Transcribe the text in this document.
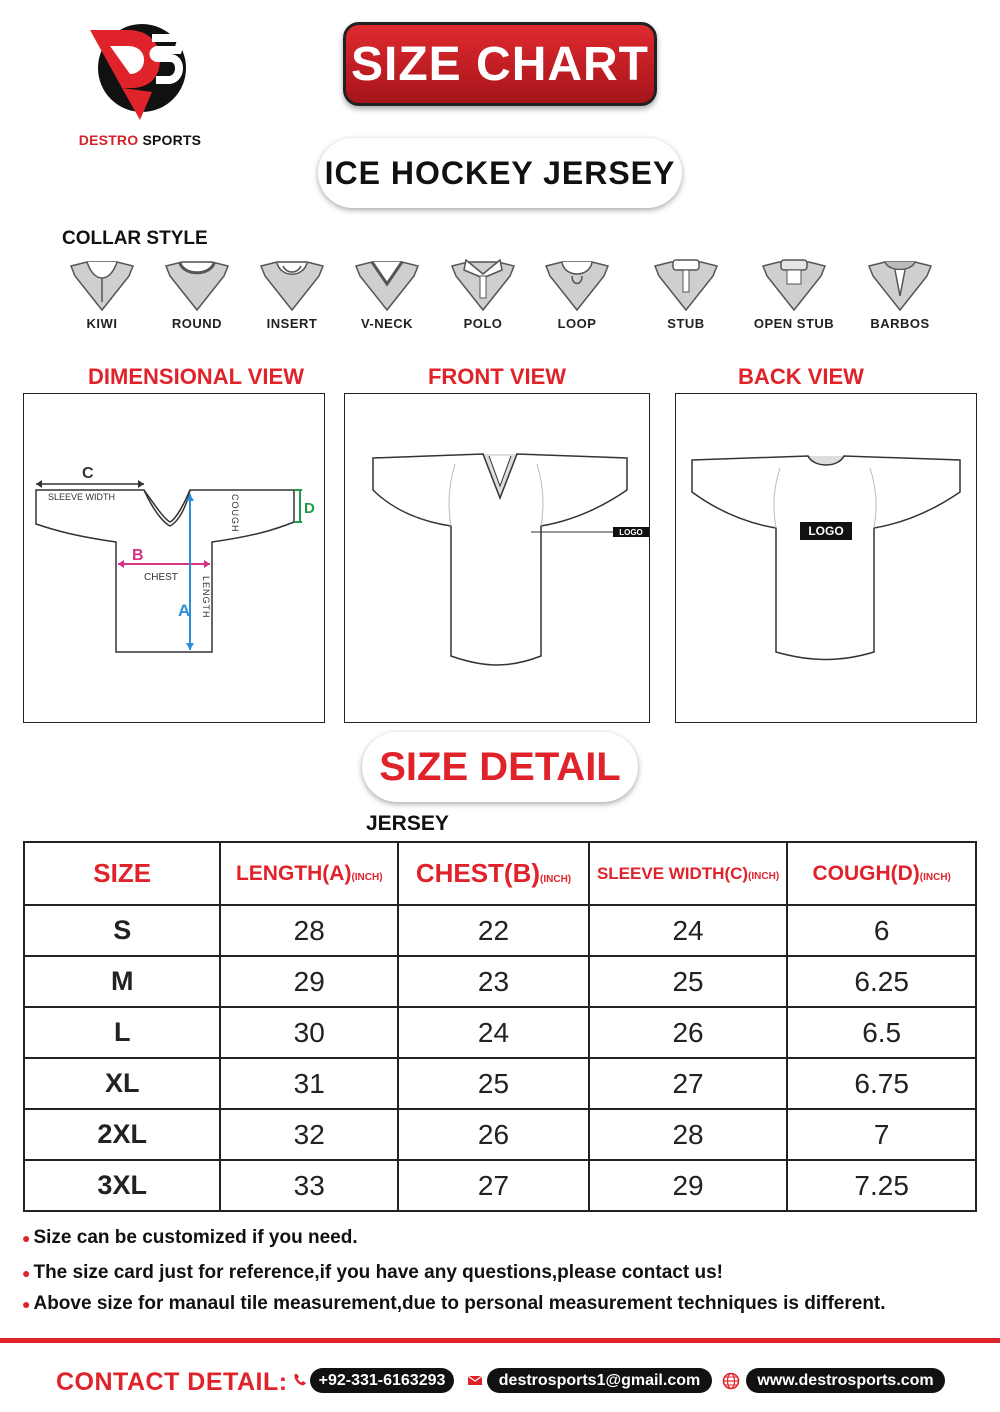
DESTRO SPORTS
SIZE CHART
ICE HOCKEY JERSEY
COLLAR STYLE
KIWI	ROUND	INSERT	V-NECK	POLO	LOOP	STUB	OPEN STUB	BARBOS
DIMENSIONAL VIEW	FRONT VIEW	BACK VIEW
C
SLEEVE WIDTH
B
CHEST
A LENGTH
D
COUGH	LOGO	LOGO
SIZE DETAIL
JERSEY
SIZE	LENGTH(A)(INCH)	CHEST(B)(INCH)	SLEEVE WIDTH(C)(INCH)	COUGH(D)(INCH)
S	28	22	24	6
M	29	23	25	6.25
L	30	24	26	6.5
XL	31	25	27	6.75
2XL	32	26	28	7
3XL	33	27	29	7.25
● Size can be customized if you need.
● The size card just for reference,if you have any questions,please contact us!
● Above size for manaul tile measurement,due to personal measurement techniques is different.
CONTACT DETAIL:	+92-331-6163293	destrosports1@gmail.com	www.destrosports.com
